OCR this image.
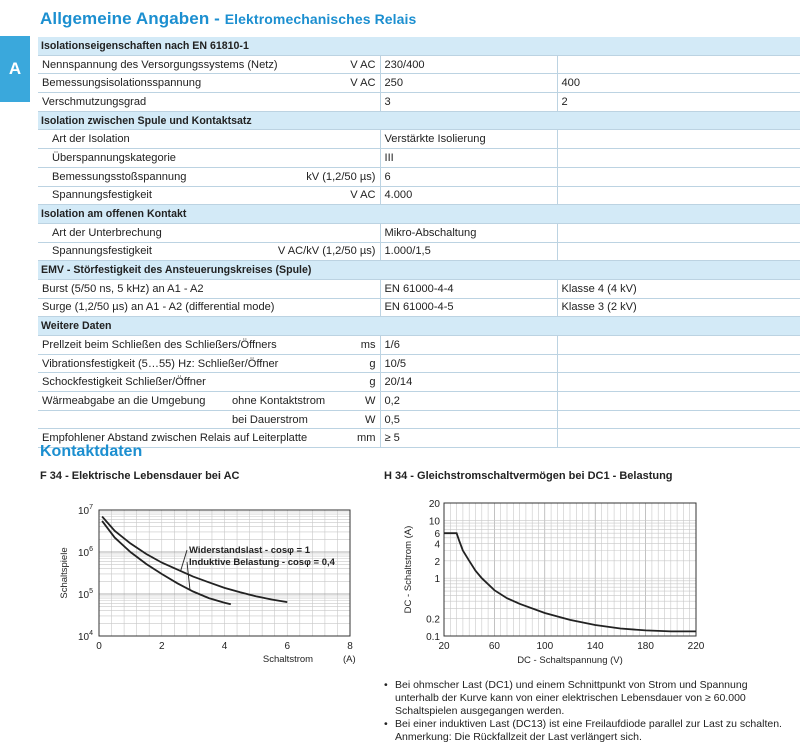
A
Allgemeine Angaben - Elektromechanisches Relais
Isolationseigenschaften nach EN 61810-1		

Nennspannung des Versorgungssystems (Netz) V AC	230/400	

Bemessungsisolationsspannung V AC	250	400

Verschmutzungsgrad	3	2
Isolation zwischen Spule und Kontaktsatz		

Art der Isolation	Verstärkte Isolierung	

Überspannungskategorie	III	

Bemessungsstoßspannung kV (1,2/50 µs)	6	

Spannungsfestigkeit V AC	4.000	
Isolation am offenen Kontakt		

Art der Unterbrechung	Mikro-Abschaltung	

Spannungsfestigkeit V AC/kV (1,2/50 µs)	1.000/1,5	
EMV - Störfestigkeit des Ansteuerungskreises (Spule)		

Burst (5/50 ns, 5 kHz) an A1 - A2	EN 61000-4-4	Klasse 4 (4 kV)

Surge (1,2/50 µs) an A1 - A2 (differential mode)	EN 61000-4-5	Klasse 3 (2 kV)
Weitere Daten		

Prellzeit beim Schließen des Schließers/Öffners ms	1/6	

Vibrationsfestigkeit (5…55) Hz: Schließer/Öffner g	10/5	

Schockfestigkeit Schließer/Öffner g	20/14	

Wärmeabgabe an die Umgebung ohne Kontaktstrom W	0,2	

bei Dauerstrom W	0,5	

Empfohlener Abstand zwischen Relais auf Leiterplatte mm	≥ 5	
Kontaktdaten
F 34 - Elektrische Lebensdauer bei AC	H 34 - Gleichstromschaltvermögen bei DC1 - Belastung
0	2	4	6	8
$10^4$
$10^5$
$10^6$
$10^7$
Schaltstrom	(A)
Schaltspiele	Widerstandslast - cosφ = 1
Induktive Belastung - cosφ = 0,4
20	60	100	140	180	220
0.1
0.2
1
2
4
6
10
20
DC - Schaltspannung (V)
DC - Schaltstrom (A)
• Bei ohmscher Last (DC1) und einem Schnittpunkt von Strom und Spannung unterhalb der Kurve kann von einer elektrischen Lebensdauer von ≥ 60.000 Schaltspielen ausgegangen werden.
• Bei einer induktiven Last (DC13) ist eine Freilaufdiode parallel zur Last zu schalten. Anmerkung: Die Rückfallzeit der Last verlängert sich.
